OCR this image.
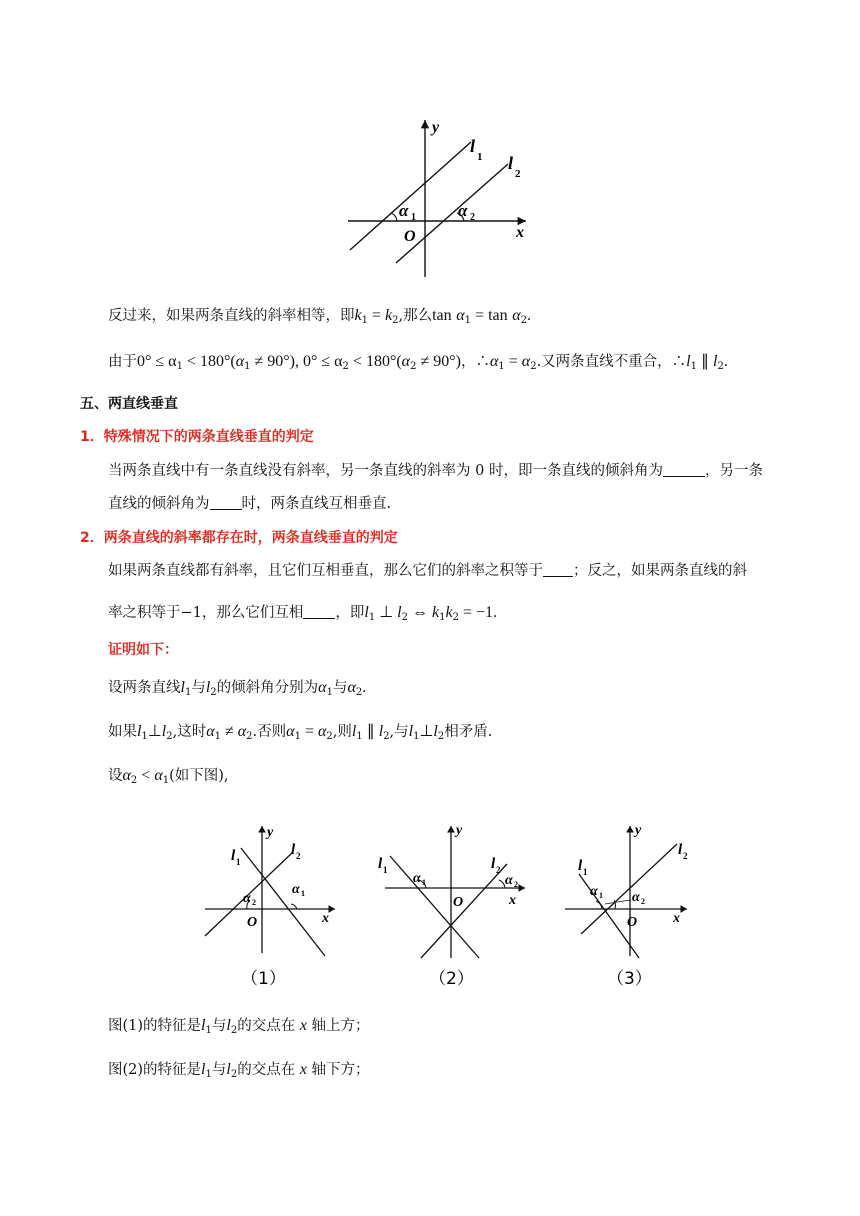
y
x
O
l
1 l
2
α 1 α 2
反过来，如果两条直线的斜率相等，即$k_1 = k_2$,那么$\tan \alpha_1 = \tan \alpha_2$.
由于$0^\circ \le \alpha_1 < 180^\circ(\alpha_1 \ne 90^\circ)$, $0^\circ \le \alpha_2 < 180^\circ(\alpha_2 \ne 90^\circ)$，$\therefore\alpha_1 = \alpha_2$.又两条直线不重合，$\therefore l_1$ ∥ $l_2$.
五、两直线垂直
1．特殊情况下的两条直线垂直的判定
当两条直线中有一条直线没有斜率，另一条直线的斜率为 0 时，即一条直线的倾斜角为	，另一条
直线的倾斜角为 时，两条直线互相垂直.
2．两条直线的斜率都存在时，两条直线垂直的判定
如果两条直线都有斜率，且它们互相垂直，那么它们的斜率之积等于 ；反之，如果两条直线的斜
率之积等于−1，那么它们互相 ，即$l_1$ ⊥ $l_2$ ⇔ $k_1k_2 = -1$.
证明如下：
设两条直线$l_1$与$l_2$的倾斜角分别为$\alpha_1$与$\alpha_2$.
如果$l_1\perp l_2$,这时$\alpha_1 \ne \alpha_2$.否则$\alpha_1 = \alpha_2$,则$l_1$ ∥ $l_2$,与$l_1\perp l_2$相矛盾.
设$\alpha_2 < \alpha_1$(如下图),
y
x
O
l 1
l 2
α 2
α 1
（1）
y
x
O
l 1	l 2
α 1	α 2
（2）
y
x
O
l 1
l 2
α 1 α 2
（3）
图(1)的特征是$l_1$与$l_2$的交点在 x 轴上方；
图(2)的特征是$l_1$与$l_2$的交点在 x 轴下方；
